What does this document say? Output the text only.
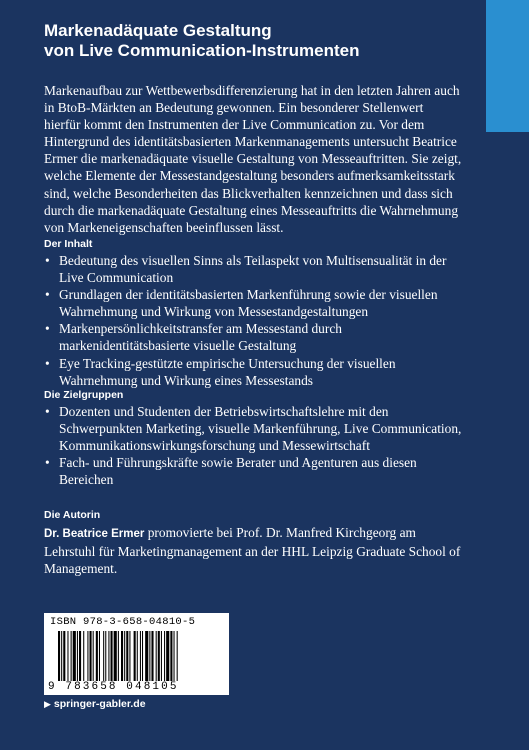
Markenadäquate Gestaltung
von Live Communication-Instrumenten

Markenaufbau zur Wettbewerbsdifferenzierung hat in den letzten Jahren auch in BtoB-Märkten an Bedeutung gewonnen. Ein besonderer Stellenwert hierfür kommt den Instrumenten der Live Communication zu. Vor dem Hintergrund des identitätsbasierten Markenmanagements untersucht Beatrice Ermer die markenadäquate visuelle Gestaltung von Messeauftritten. Sie zeigt, welche Elemente der Messestandgestaltung besonders aufmerksamkeitsstark sind, welche Besonderheiten das Blickverhalten kennzeichnen und dass sich durch die markenadäquate Gestaltung eines Messeauftritts die Wahrnehmung von Markeneigenschaften beeinflussen lässt.

Der Inhalt
• Bedeutung des visuellen Sinns als Teilaspekt von Multisensualität in der Live Communication
• Grundlagen der identitätsbasierten Markenführung sowie der visuellen Wahrnehmung und Wirkung von Messestandgestaltungen
• Markenpersönlichkeitstransfer am Messestand durch markenidentitätsbasierte visuelle Gestaltung
• Eye Tracking-gestützte empirische Untersuchung der visuellen Wahrnehmung und Wirkung eines Messestands
Die Zielgruppen
• Dozenten und Studenten der Betriebswirtschaftslehre mit den Schwerpunkten Marketing, visuelle Markenführung, Live Communication, Kommunikationswirkungsforschung und Messewirtschaft
• Fach- und Führungskräfte sowie Berater und Agenturen aus diesen Bereichen
Die Autorin

Dr. Beatrice Ermer promovierte bei Prof. Dr. Manfred Kirchgeorg am Lehrstuhl für Marketingmanagement an der HHL Leipzig Graduate School of Management.

ISBN 978-3-658-04810-5
9 783658 048105
▶ springer-gabler.de
